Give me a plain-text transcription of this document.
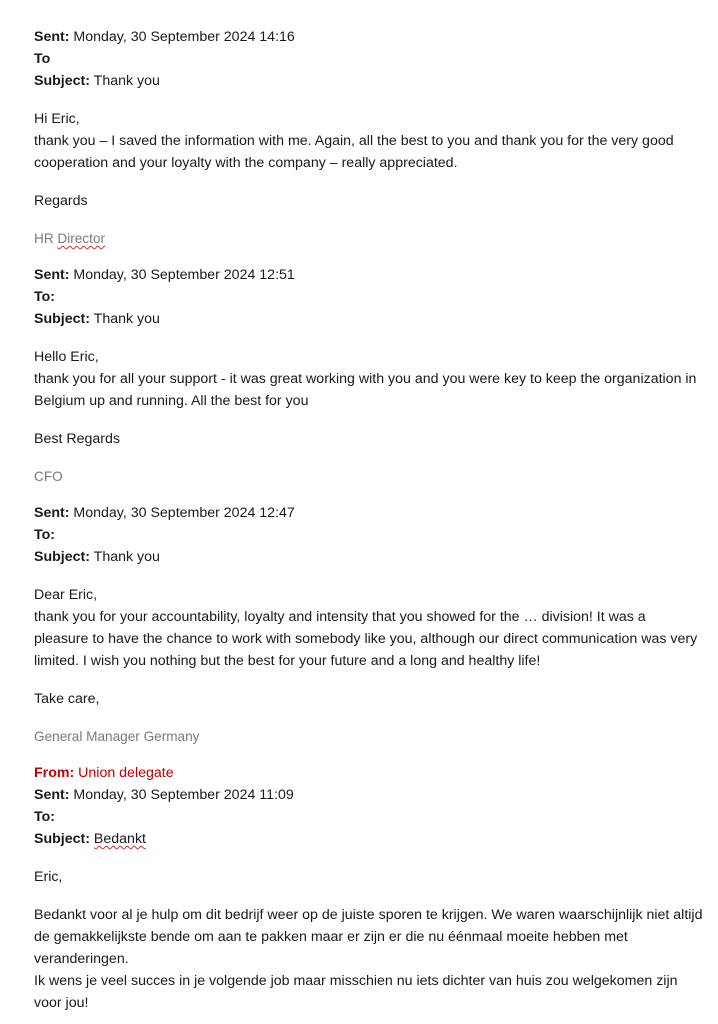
Sent: Monday, 30 September 2024 14:16
To
Subject: Thank you
Hi Eric,
thank you – I saved the information with me. Again, all the best to you and thank you for the very good cooperation and your loyalty with the company – really appreciated.
Regards
HR Director
Sent: Monday, 30 September 2024 12:51
To:
Subject: Thank you
Hello Eric,
thank you for all your support - it was great working with you and you were key to keep the organization in Belgium up and running. All the best for you
Best Regards
CFO
Sent: Monday, 30 September 2024 12:47
To:
Subject: Thank you
Dear Eric,
thank you for your accountability, loyalty and intensity that you showed for the … division! It was a pleasure to have the chance to work with somebody like you, although our direct communication was very limited. I wish you nothing but the best for your future and a long and healthy life!
Take care,
General Manager Germany
From: Union delegate
Sent: Monday, 30 September 2024 11:09
To:
Subject: Bedankt
Eric,
Bedankt voor al je hulp om dit bedrijf weer op de juiste sporen te krijgen. We waren waarschijnlijk niet altijd de gemakkelijkste bende om aan te pakken maar er zijn er die nu éénmaal moeite hebben met veranderingen.
Ik wens je veel succes in je volgende job maar misschien nu iets dichter van huis zou welgekomen zijn voor jou!
